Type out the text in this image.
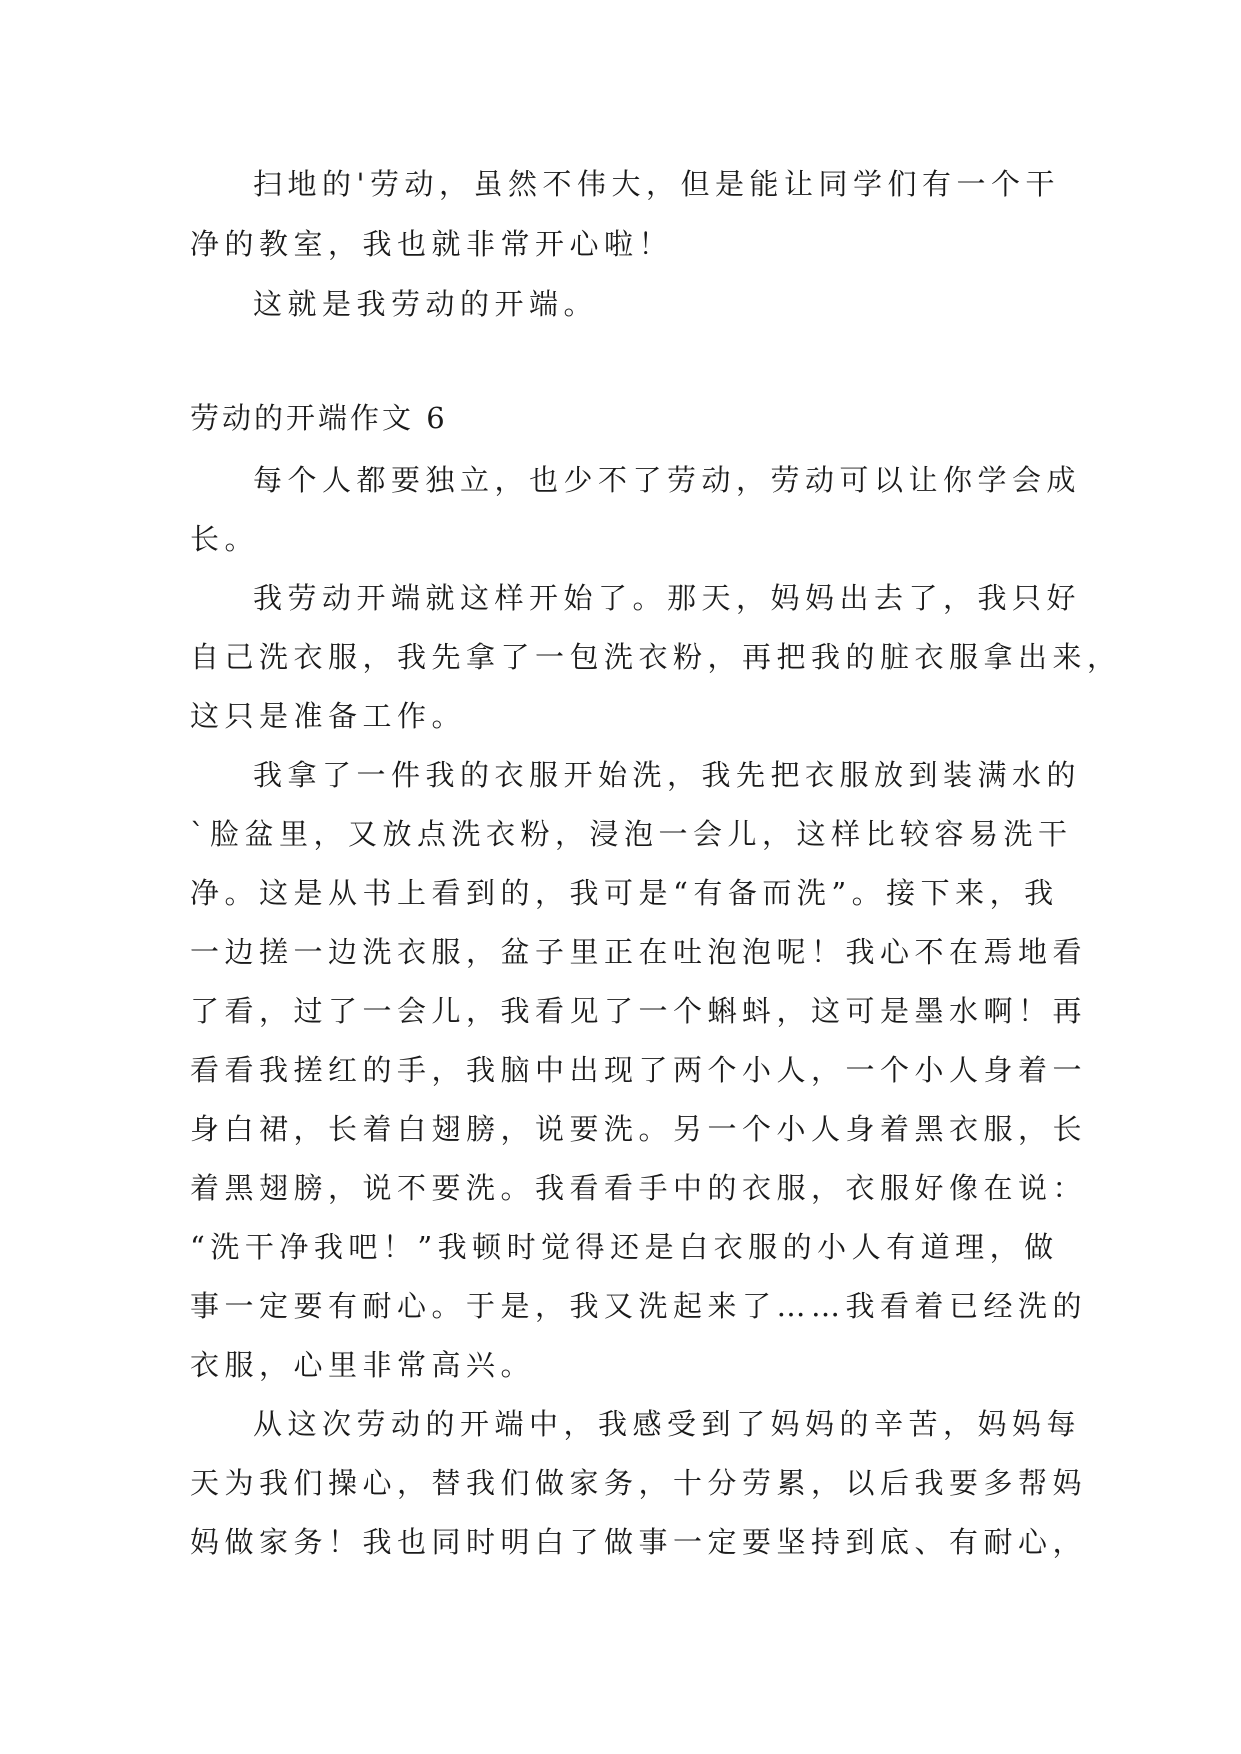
扫地的'劳动，虽然不伟大，但是能让同学们有一个干
净的教室，我也就非常开心啦！
这就是我劳动的开端。
劳动的开端作文 6
每个人都要独立，也少不了劳动，劳动可以让你学会成
长。
我劳动开端就这样开始了。那天，妈妈出去了，我只好
自己洗衣服，我先拿了一包洗衣粉，再把我的脏衣服拿出来，
这只是准备工作。
我拿了一件我的衣服开始洗，我先把衣服放到装满水的
`脸盆里，又放点洗衣粉，浸泡一会儿，这样比较容易洗干
净。这是从书上看到的，我可是“有备而洗”。接下来，我
一边搓一边洗衣服，盆子里正在吐泡泡呢！我心不在焉地看
了看，过了一会儿，我看见了一个蝌蚪，这可是墨水啊！再
看看我搓红的手，我脑中出现了两个小人，一个小人身着一
身白裙，长着白翅膀，说要洗。另一个小人身着黑衣服，长
着黑翅膀，说不要洗。我看看手中的衣服，衣服好像在说：
“洗干净我吧！”我顿时觉得还是白衣服的小人有道理，做
事一定要有耐心。于是，我又洗起来了……我看着已经洗的
衣服，心里非常高兴。
从这次劳动的开端中，我感受到了妈妈的辛苦，妈妈每
天为我们操心，替我们做家务，十分劳累，以后我要多帮妈
妈做家务！我也同时明白了做事一定要坚持到底、有耐心，
